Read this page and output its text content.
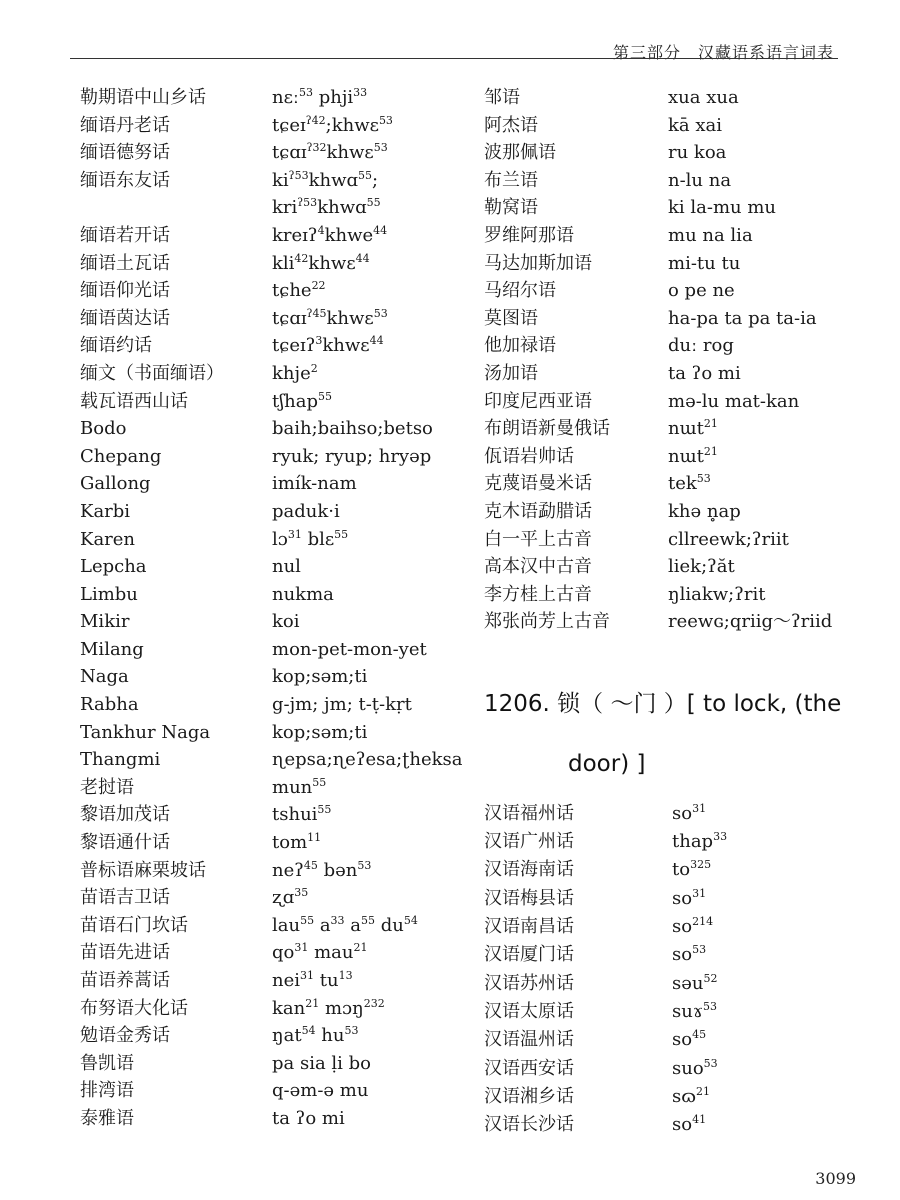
第三部分　汉藏语系语言词表
勒期语中山乡话	nɛː$^{53}$ phji$^{33}$
缅语丹老话	tɕeɪ$^{ʔ42}$;khwɛ$^{53}$
缅语德努话	tɕɑɪ$^{ʔ32}$khwɛ$^{53}$
缅语东友话	$ki^{ʔ53}khwɑ^{55}$;
kri$^{ʔ53}$khwɑ$^{55}$
缅语若开话	kreɪʔ$^4$khwe$^{44}$
缅语土瓦话	kli$^{42}$khwɛ$^{44}$
缅语仰光话	tɕhe$^{22}$
缅语茵达话	tɕɑɪ$^{ʔ45}$khwɛ$^{53}$
缅语约话	tɕeɪʔ$^3$khwɛ$^{44}$
缅文（书面缅语）	khje$^2$
载瓦语西山话	tʃhap$^{55}$
Bodo	baih;baihso;betso
Chepang	ryuk; ryup; hryəp
Gallong	imík-nam
Karbi	paduk·i
Karen	lɔ$^{31}$ blɛ$^{55}$
Lepcha	nul
Limbu	nukma
Mikir	koi
Milang	mon-pet-mon-yet
Naga	kop;səm;ti
Rabha	g-jm; jm; t-ṭ-kṛt
Tankhur Naga	kop;səm;ti
Thangmi	ɳepsa;ɳeʔesa;ʈheksa
老挝语	mun$^{55}$
黎语加茂话	tshui$^{55}$
黎语通什话	tom$^{11}$
普标语麻栗坡话	neʔ$^{45}$ bən$^{53}$
苗语吉卫话	ʐɑ$^{35}$
苗语石门坎话	lau$^{55}$ $a^{33}$ $a^{55}$ $du^{54}$
苗语先进话	$qo^{31}$ mau$^{21}$
苗语养蒿话	nei$^{31}$ $tu^{13}$
布努语大化话	kan$^{21}$ mɔŋ$^{232}$
勉语金秀话	ŋat$^{54}$ $hu^{53}$
鲁凯语	pa sia ḷi bo
排湾语	q-əm-ə mu
泰雅语	ta ʔo mi
邹语	xua xua
阿杰语	kā xai
波那佩语	ru koa
布兰语	n-lu na
勒窝语	ki la-mu mu
罗维阿那语	mu na lia
马达加斯加语	mi-tu tu
马绍尔语	o pe ne
莫图语	ha-pa ta pa ta-ia
他加禄语	duː rog
汤加语	ta ʔo mi
印度尼西亚语	mə-lu mat-kan
布朗语新曼俄话	nɯt$^{21}$
佤语岩帅话	nɯt$^{21}$
克蔑语曼米话	tek$^{53}$
克木语勐腊话	khə n̥ap
白一平上古音	cllreewk;ʔriit
高本汉中古音	liek;ʔăt
李方桂上古音	ŋliakw;ʔrit
郑张尚芳上古音	reewɢ;qriig～ʔriid
1206. 锁（ ～门 ）[ to lock, (the
door) ]
汉语福州话	$so^{31}$
汉语广州话	thap$^{33}$
汉语海南话	$to^{325}$
汉语梅县话	$so^{31}$
汉语南昌话	$so^{214}$
汉语厦门话	$so^{53}$
汉语苏州话	səu$^{52}$
汉语太原话	suɤ$^{53}$
汉语温州话	$so^{45}$
汉语西安话	suo$^{53}$
汉语湘乡话	sɷ$^{21}$
汉语长沙话	$so^{41}$
3099
